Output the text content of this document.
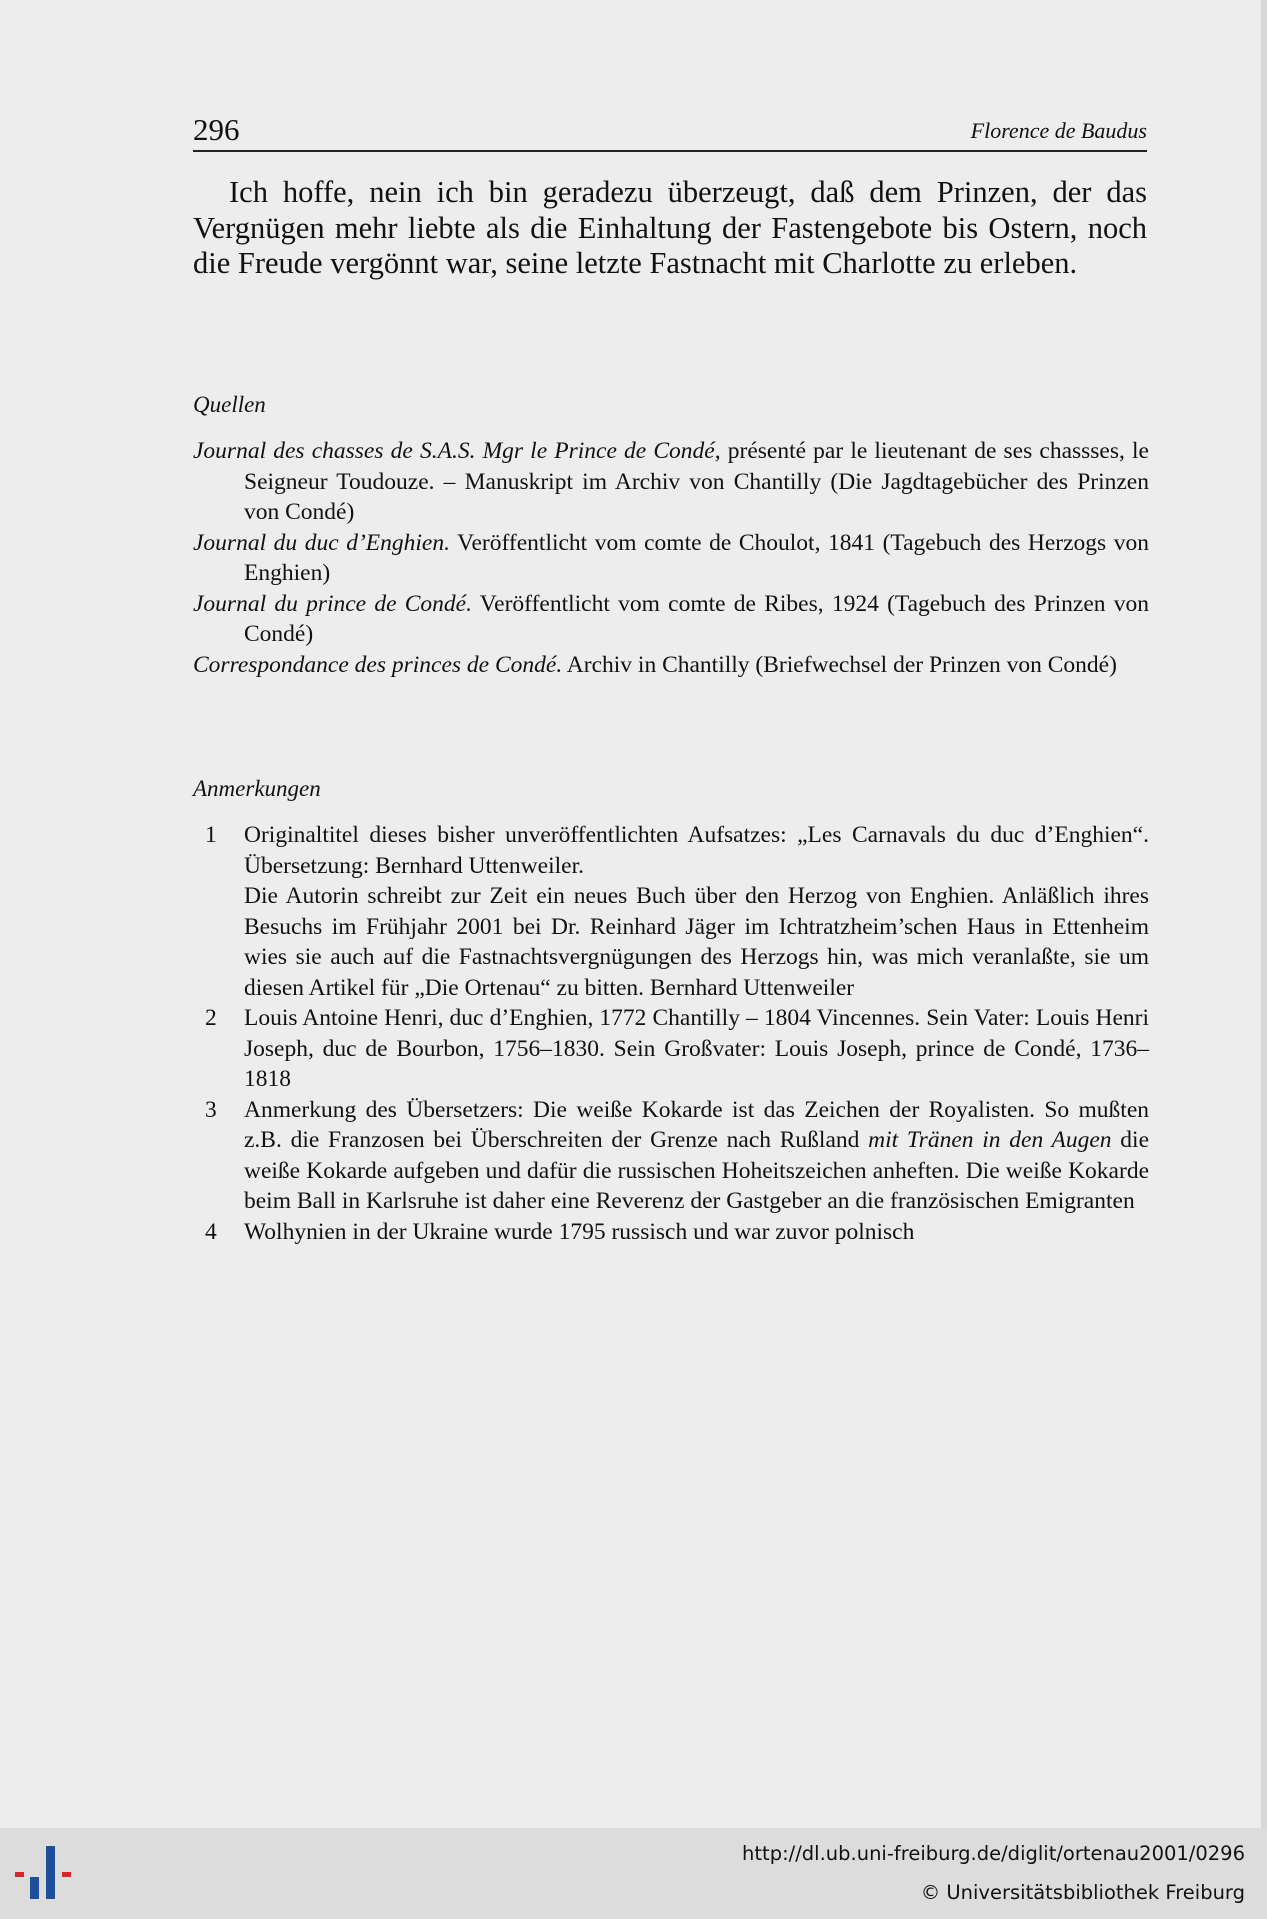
296	Florence de Baudus

Ich hoffe, nein ich bin geradezu überzeugt, daß dem Prinzen, der das Vergnügen mehr liebte als die Einhaltung der Fastengebote bis Ostern, noch die Freude vergönnt war, seine letzte Fastnacht mit Charlotte zu erleben.

Quellen

Journal des chasses de S.A.S. Mgr le Prince de Condé, présenté par le lieutenant de ses chassses, le Seigneur Toudouze. – Manuskript im Archiv von Chantilly (Die Jagdtagebücher des Prinzen von Condé)

Journal du duc d’Enghien. Veröffentlicht vom comte de Choulot, 1841 (Tagebuch des Herzogs von Enghien)

Journal du prince de Condé. Veröffentlicht vom comte de Ribes, 1924 (Tagebuch des Prinzen von Condé)

Correspondance des princes de Condé. Archiv in Chantilly (Briefwechsel der Prinzen von Condé)

Anmerkungen

1 Originaltitel dieses bisher unveröffentlichten Aufsatzes: „Les Carnavals du duc d’Enghien“. Übersetzung: Bernhard Uttenweiler.

Die Autorin schreibt zur Zeit ein neues Buch über den Herzog von Enghien. Anläßlich ihres Besuchs im Frühjahr 2001 bei Dr. Reinhard Jäger im Ichtratzheim’schen Haus in Ettenheim wies sie auch auf die Fastnachtsvergnügungen des Herzogs hin, was mich veranlaßte, sie um diesen Artikel für „Die Ortenau“ zu bitten. Bernhard Uttenweiler

2 Louis Antoine Henri, duc d’Enghien, 1772 Chantilly – 1804 Vincennes. Sein Vater: Louis Henri Joseph, duc de Bourbon, 1756–1830. Sein Großvater: Louis Joseph, prince de Condé, 1736–1818

3 Anmerkung des Übersetzers: Die weiße Kokarde ist das Zeichen der Royalisten. So mußten z.B. die Franzosen bei Überschreiten der Grenze nach Rußland mit Tränen in den Augen die weiße Kokarde aufgeben und dafür die russischen Hoheitszeichen anheften. Die weiße Kokarde beim Ball in Karlsruhe ist daher eine Reverenz der Gastgeber an die französischen Emigranten

4 Wolhynien in der Ukraine wurde 1795 russisch und war zuvor polnisch

http://dl.ub.uni-freiburg.de/diglit/ortenau2001/0296
© Universitätsbibliothek Freiburg
